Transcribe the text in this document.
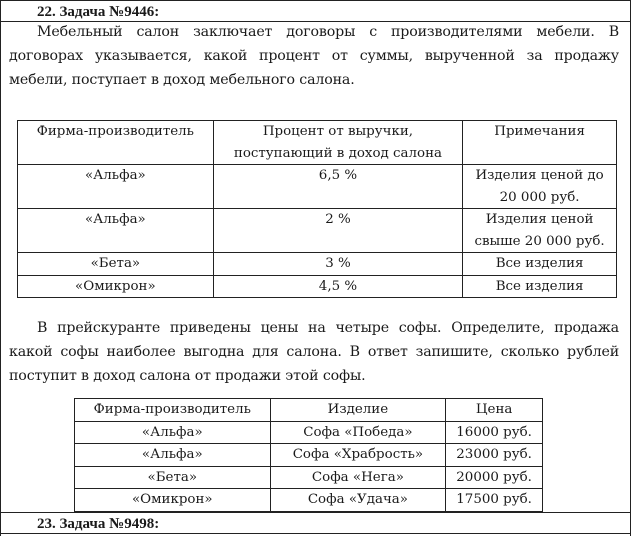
22. Задача №9446:
Мебельный салон заключает договоры с производителями мебели. В договорах указывается, какой процент от суммы, вырученной за продажу мебели, поступает в доход мебельного салона.
Фирма-производитель	Процент от выручки, поступающий в доход салона	Примечания
«Альфа»	6,5 %	Изделия ценой до 20 000 руб.
«Альфа»	2 %	Изделия ценой свыше 20 000 руб.
«Бета»	3 %	Все изделия
«Омикрон»	4,5 %	Все изделия
В прейскуранте приведены цены на четыре софы. Определите, продажа какой софы наиболее выгодна для салона. В ответ запишите, сколько рублей поступит в доход салона от продажи этой софы.
Фирма-производитель	Изделие	Цена
«Альфа»	Софа «Победа»	16000 руб.
«Альфа»	Софа «Храбрость»	23000 руб.
«Бета»	Софа «Нега»	20000 руб.
«Омикрон»	Софа «Удача»	17500 руб.
23. Задача №9498:
